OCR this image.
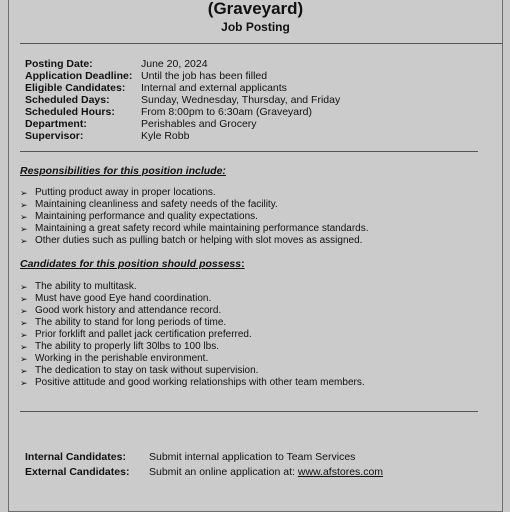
(Graveyard)
Job Posting
Posting Date:	June 20, 2024
Application Deadline: Until the job has been filled
Eligible Candidates:	Internal and external applicants
Scheduled Days:	Sunday, Wednesday, Thursday, and Friday
Scheduled Hours:	From 8:00pm to 6:30am (Graveyard)
Department:	Perishables and Grocery
Supervisor:	Kyle Robb
Responsibilities for this position include:
➢ Putting product away in proper locations.
➢ Maintaining cleanliness and safety needs of the facility.
➢ Maintaining performance and quality expectations.
➢ Maintaining a great safety record while maintaining performance standards.
➢ Other duties such as pulling batch or helping with slot moves as assigned.
Candidates for this position should possess:
➢ The ability to multitask.
➢ Must have good Eye hand coordination.
➢ Good work history and attendance record.
➢ The ability to stand for long periods of time.
➢ Prior forklift and pallet jack certification preferred.
➢ The ability to properly lift 30lbs to 100 lbs.
➢ Working in the perishable environment.
➢ The dedication to stay on task without supervision.
➢ Positive attitude and good working relationships with other team members.
Internal Candidates:	Submit internal application to Team Services
External Candidates:	Submit an online application at: www.afstores.com
